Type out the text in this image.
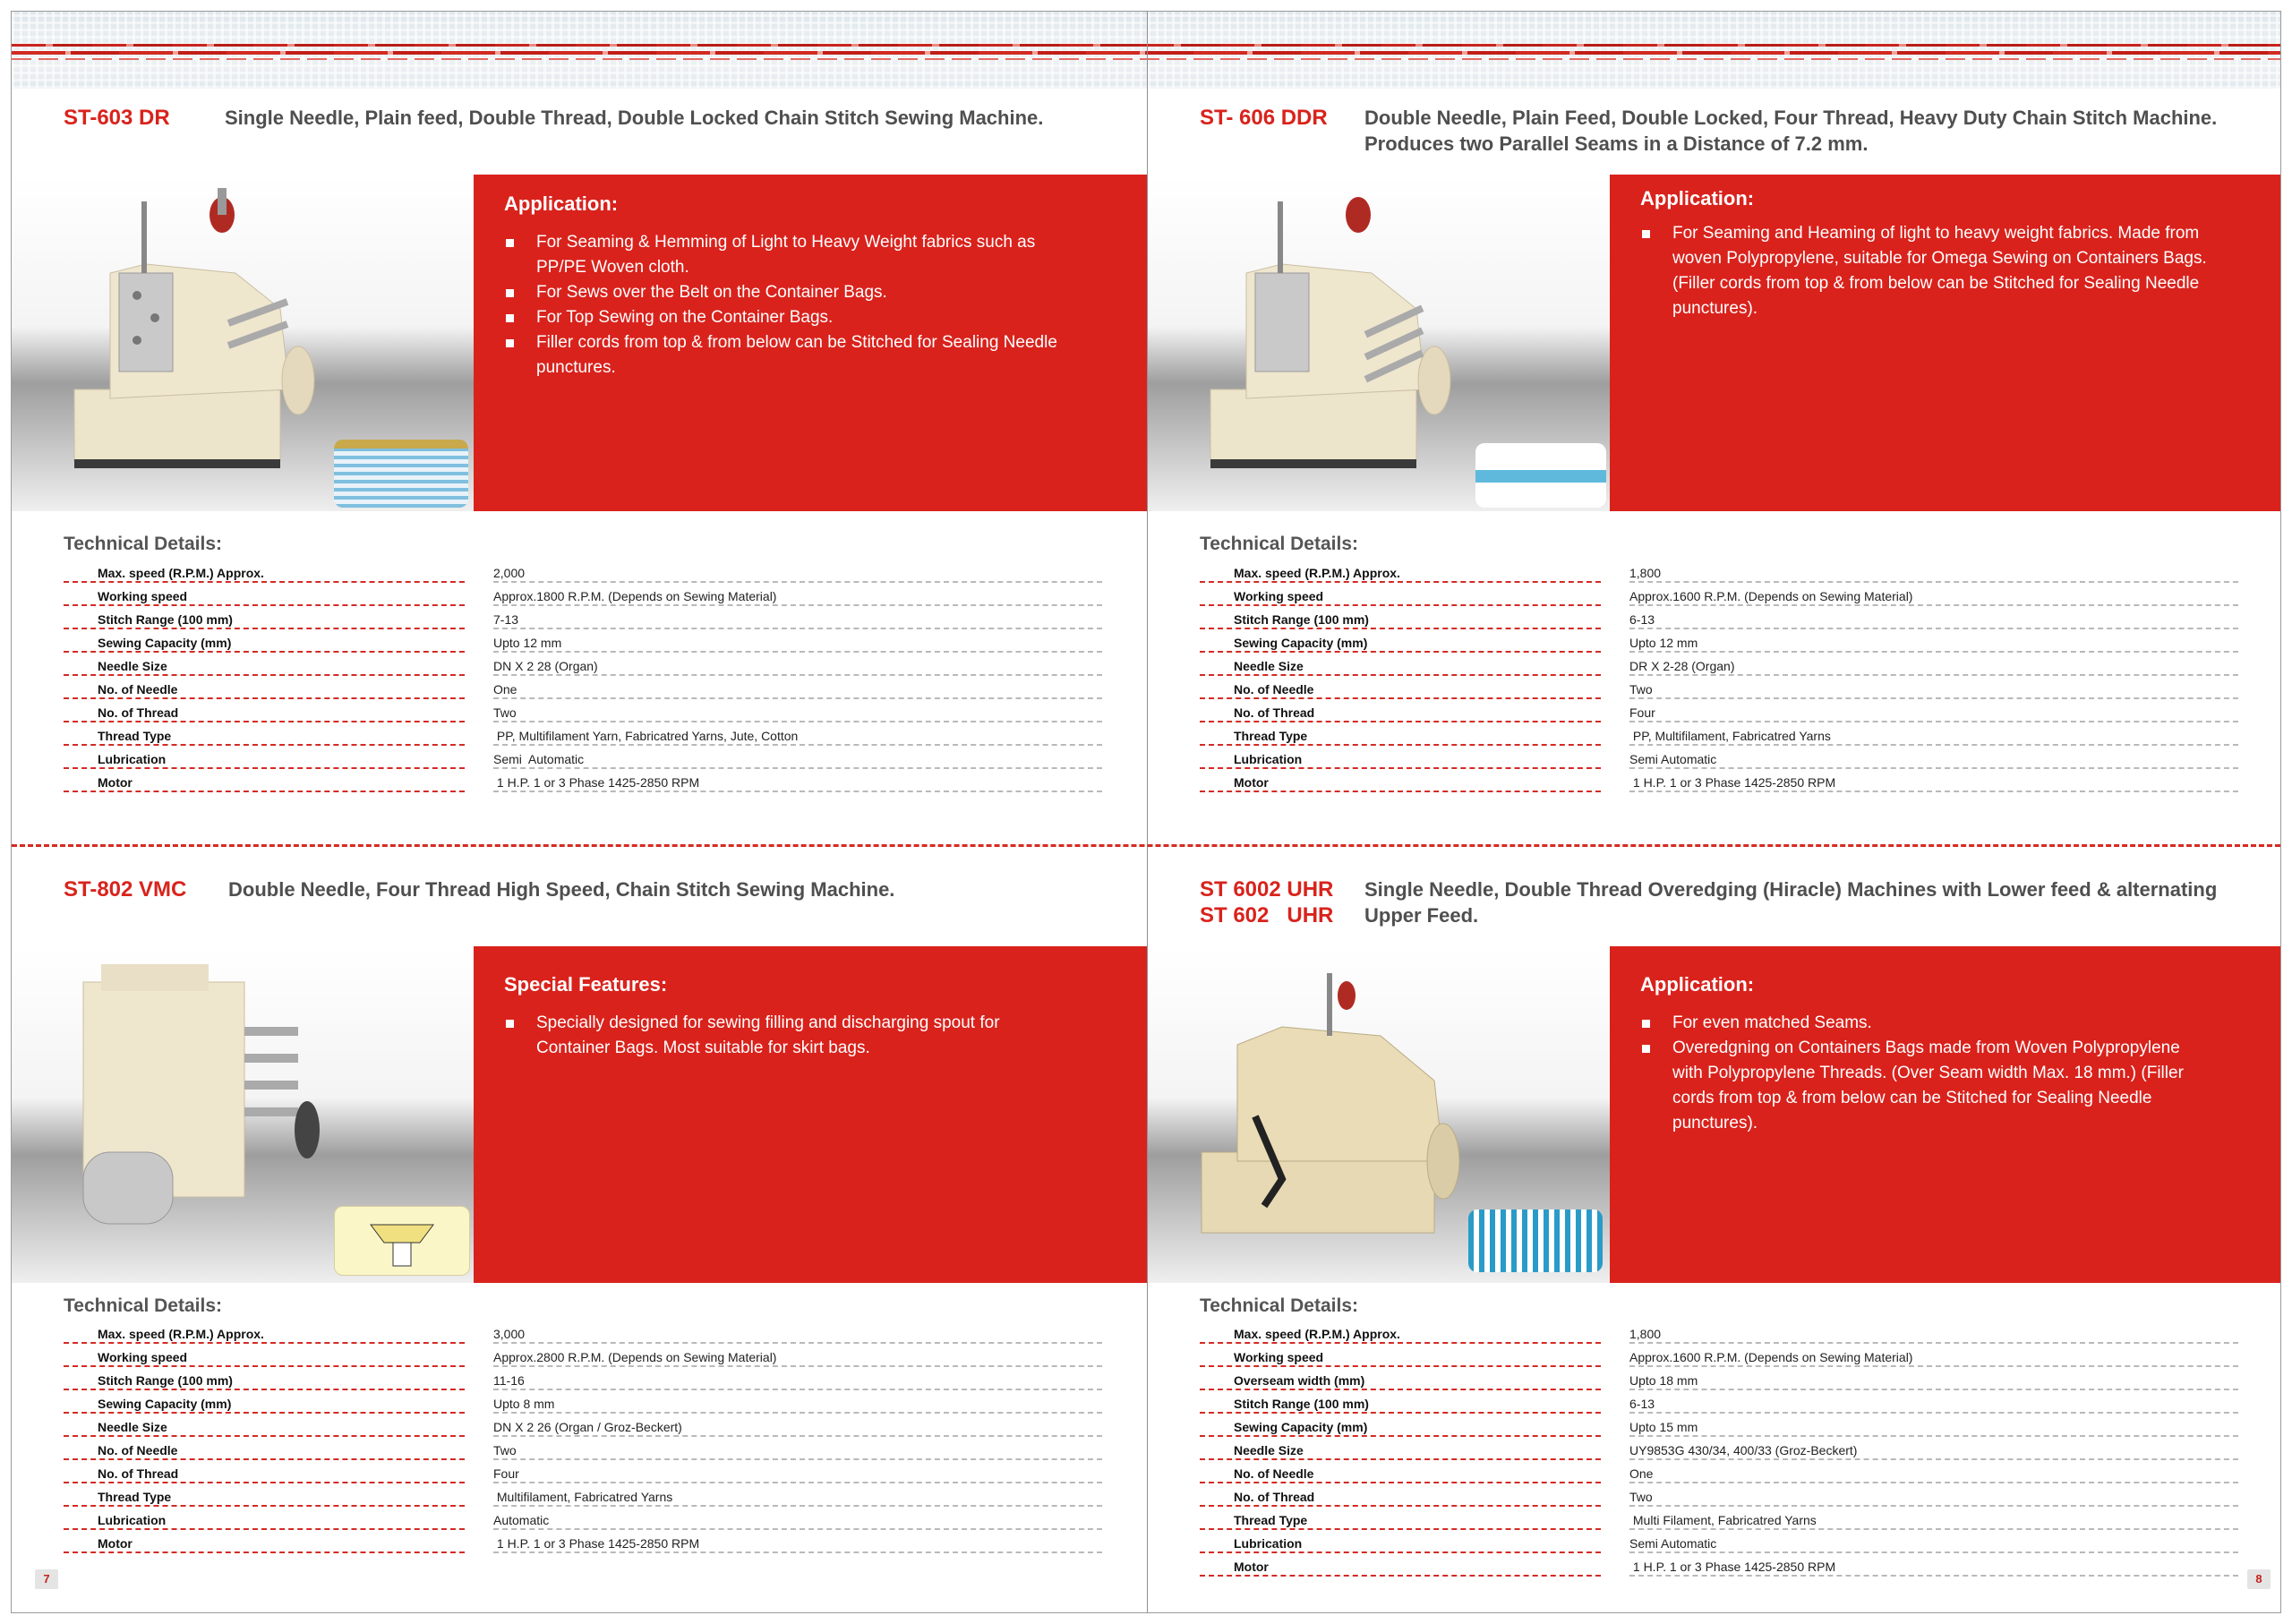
ST-603 DR	Single Needle, Plain feed, Double Thread, Double Locked Chain Stitch Sewing Machine.
Application:
For Seaming & Hemming of Light to Heavy Weight fabrics such as PP/PE Woven cloth.
For Sews over the Belt on the Container Bags.
For Top Sewing on the Container Bags.
Filler cords from top & from below can be Stitched for Sealing Needle punctures.
Technical Details:
Max. speed (R.P.M.) Approx.		2,000
Working speed		Approx.1800 R.P.M. (Depends on Sewing Material)
Stitch Range (100 mm)		7-13
Sewing Capacity (mm)		Upto 12 mm
Needle Size		DN X 2 28 (Organ)
No. of Needle		One
No. of Thread		Two
Thread Type		PP, Multifilament Yarn, Fabricatred Yarns, Jute, Cotton
Lubrication		Semi  Automatic
Motor		1 H.P. 1 or 3 Phase 1425-2850 RPM
ST- 606 DDR Double Needle, Plain Feed, Double Locked, Four Thread, Heavy Duty Chain Stitch Machine. Produces two Parallel Seams in a Distance of 7.2 mm.
Application:
For Seaming and Heaming of light to heavy weight fabrics. Made from woven Polypropylene, suitable for Omega Sewing on Containers Bags.(Filler cords from top & from below can be Stitched for Sealing Needle punctures).
Technical Details:
Max. speed (R.P.M.) Approx.		1,800
Working speed		Approx.1600 R.P.M. (Depends on Sewing Material)
Stitch Range (100 mm)		6-13
Sewing Capacity (mm)		Upto 12 mm
Needle Size		DR X 2-28 (Organ)
No. of Needle		Two
No. of Thread		Four
Thread Type		PP, Multifilament, Fabricatred Yarns
Lubrication		Semi Automatic
Motor		1 H.P. 1 or 3 Phase 1425-2850 RPM
ST-802 VMC Double Needle, Four Thread High Speed, Chain Stitch Sewing Machine.
Special Features:
Specially designed for sewing filling and discharging spout for Container Bags. Most suitable for skirt bags.
Technical Details:
Max. speed (R.P.M.) Approx.		3,000
Working speed		Approx.2800 R.P.M. (Depends on Sewing Material)
Stitch Range (100 mm)		11-16
Sewing Capacity (mm)		Upto 8 mm
Needle Size		DN X 2 26 (Organ / Groz-Beckert)
No. of Needle		Two
No. of Thread		Four
Thread Type		Multifilament, Fabricatred Yarns
Lubrication		Automatic
Motor		1 H.P. 1 or 3 Phase 1425-2850 RPM
7
ST 6002 UHR
ST 602   UHR
Single Needle, Double Thread Overedging (Hiracle) Machines with Lower feed & alternating Upper Feed.
Application:
For even matched Seams.
Overedgning on Containers Bags made from Woven Polypropylene with Polypropylene Threads. (Over Seam width Max. 18 mm.) (Filler cords from top & from below can be Stitched for Sealing Needle punctures).
Technical Details:
Max. speed (R.P.M.) Approx.		1,800
Working speed		Approx.1600 R.P.M. (Depends on Sewing Material)
Overseam width (mm)		Upto 18 mm
Stitch Range (100 mm)		6-13
Sewing Capacity (mm)		Upto 15 mm
Needle Size		UY9853G 430/34, 400/33 (Groz-Beckert)
No. of Needle		One
No. of Thread		Two
Thread Type		Multi Filament, Fabricatred Yarns
Lubrication		Semi Automatic
Motor		1 H.P. 1 or 3 Phase 1425-2850 RPM
8
